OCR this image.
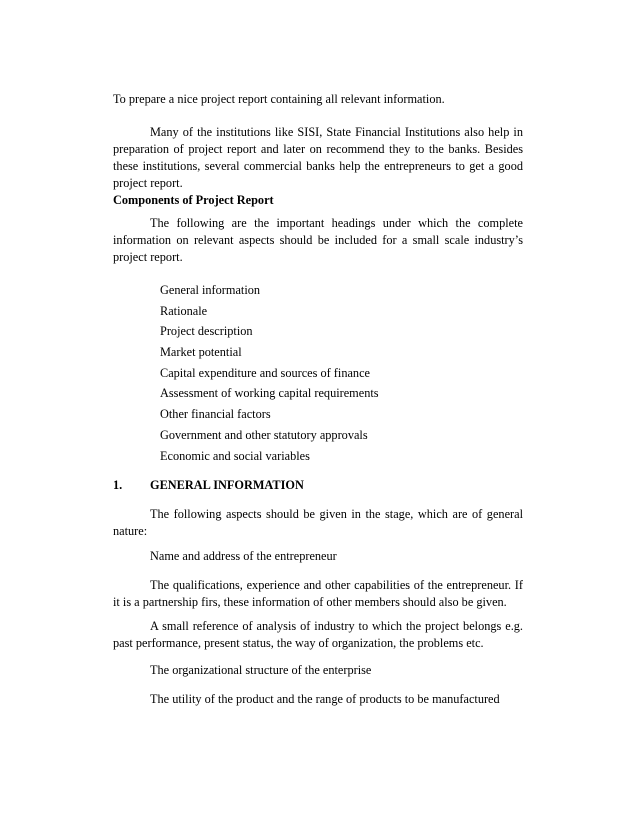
To prepare a nice project report containing all relevant information.

Many of the institutions like SISI, State Financial Institutions also help in preparation of project report and later on recommend they to the banks. Besides these institutions, several commercial banks help the entrepreneurs to get a good project report.

Components of Project Report

The following are the important headings under which the complete information on relevant aspects should be included for a small scale industry’s project report.

General information
Rationale
Project description
Market potential
Capital expenditure and sources of finance
Assessment of working capital requirements
Other financial factors
Government and other statutory approvals
Economic and social variables
1. GENERAL INFORMATION

The following aspects should be given in the stage, which are of general nature:

Name and address of the entrepreneur

The qualifications, experience and other capabilities of the entrepreneur. If it is a partnership firs, these information of other members should also be given.

A small reference of analysis of industry to which the project belongs e.g. past performance, present status, the way of organization, the problems etc.

The organizational structure of the enterprise

The utility of the product and the range of products to be manufactured
